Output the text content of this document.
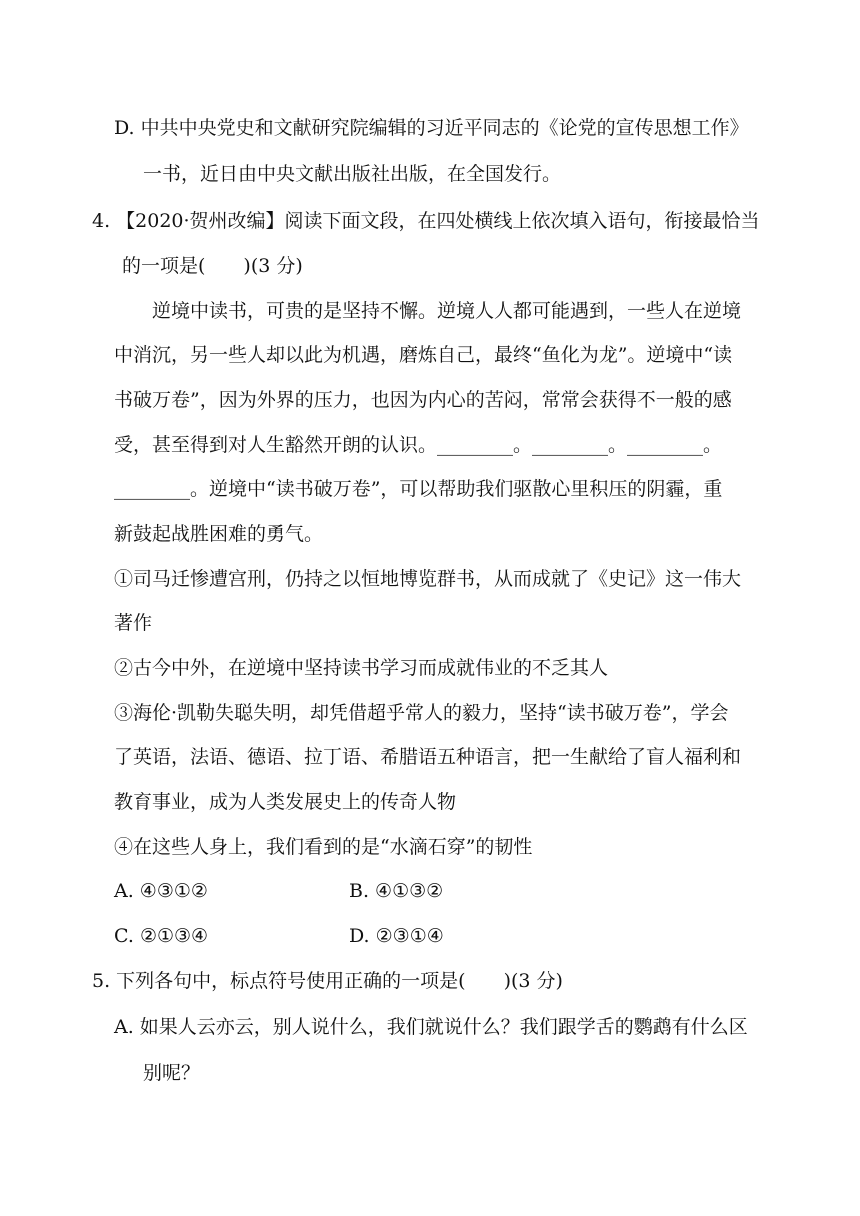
D. 中共中央党史和文献研究院编辑的习近平同志的《论党的宣传思想工作》
一书，近日由中央文献出版社出版，在全国发行。
4. 【2020·贺州改编】阅读下面文段，在四处横线上依次填入语句，衔接最恰当
的一项是(　　)(3 分)
逆境中读书，可贵的是坚持不懈。逆境人人都可能遇到，一些人在逆境
中消沉，另一些人却以此为机遇，磨炼自己，最终“鱼化为龙”。逆境中“读
书破万卷”，因为外界的压力，也因为内心的苦闷，常常会获得不一般的感
受，甚至得到对人生豁然开朗的认识。________。________。________。
________。逆境中“读书破万卷”，可以帮助我们驱散心里积压的阴霾，重
新鼓起战胜困难的勇气。
①司马迁惨遭宫刑，仍持之以恒地博览群书，从而成就了《史记》这一伟大
著作
②古今中外，在逆境中坚持读书学习而成就伟业的不乏其人
③海伦·凯勒失聪失明，却凭借超乎常人的毅力，坚持“读书破万卷”，学会
了英语，法语、德语、拉丁语、希腊语五种语言，把一生献给了盲人福利和
教育事业，成为人类发展史上的传奇人物
④在这些人身上，我们看到的是“水滴石穿”的韧性
A. ④③①②	B. ④①③②
C. ②①③④	D. ②③①④
5. 下列各句中，标点符号使用正确的一项是(　　)(3 分)
A. 如果人云亦云，别人说什么，我们就说什么？我们跟学舌的鹦鹉有什么区
别呢？
